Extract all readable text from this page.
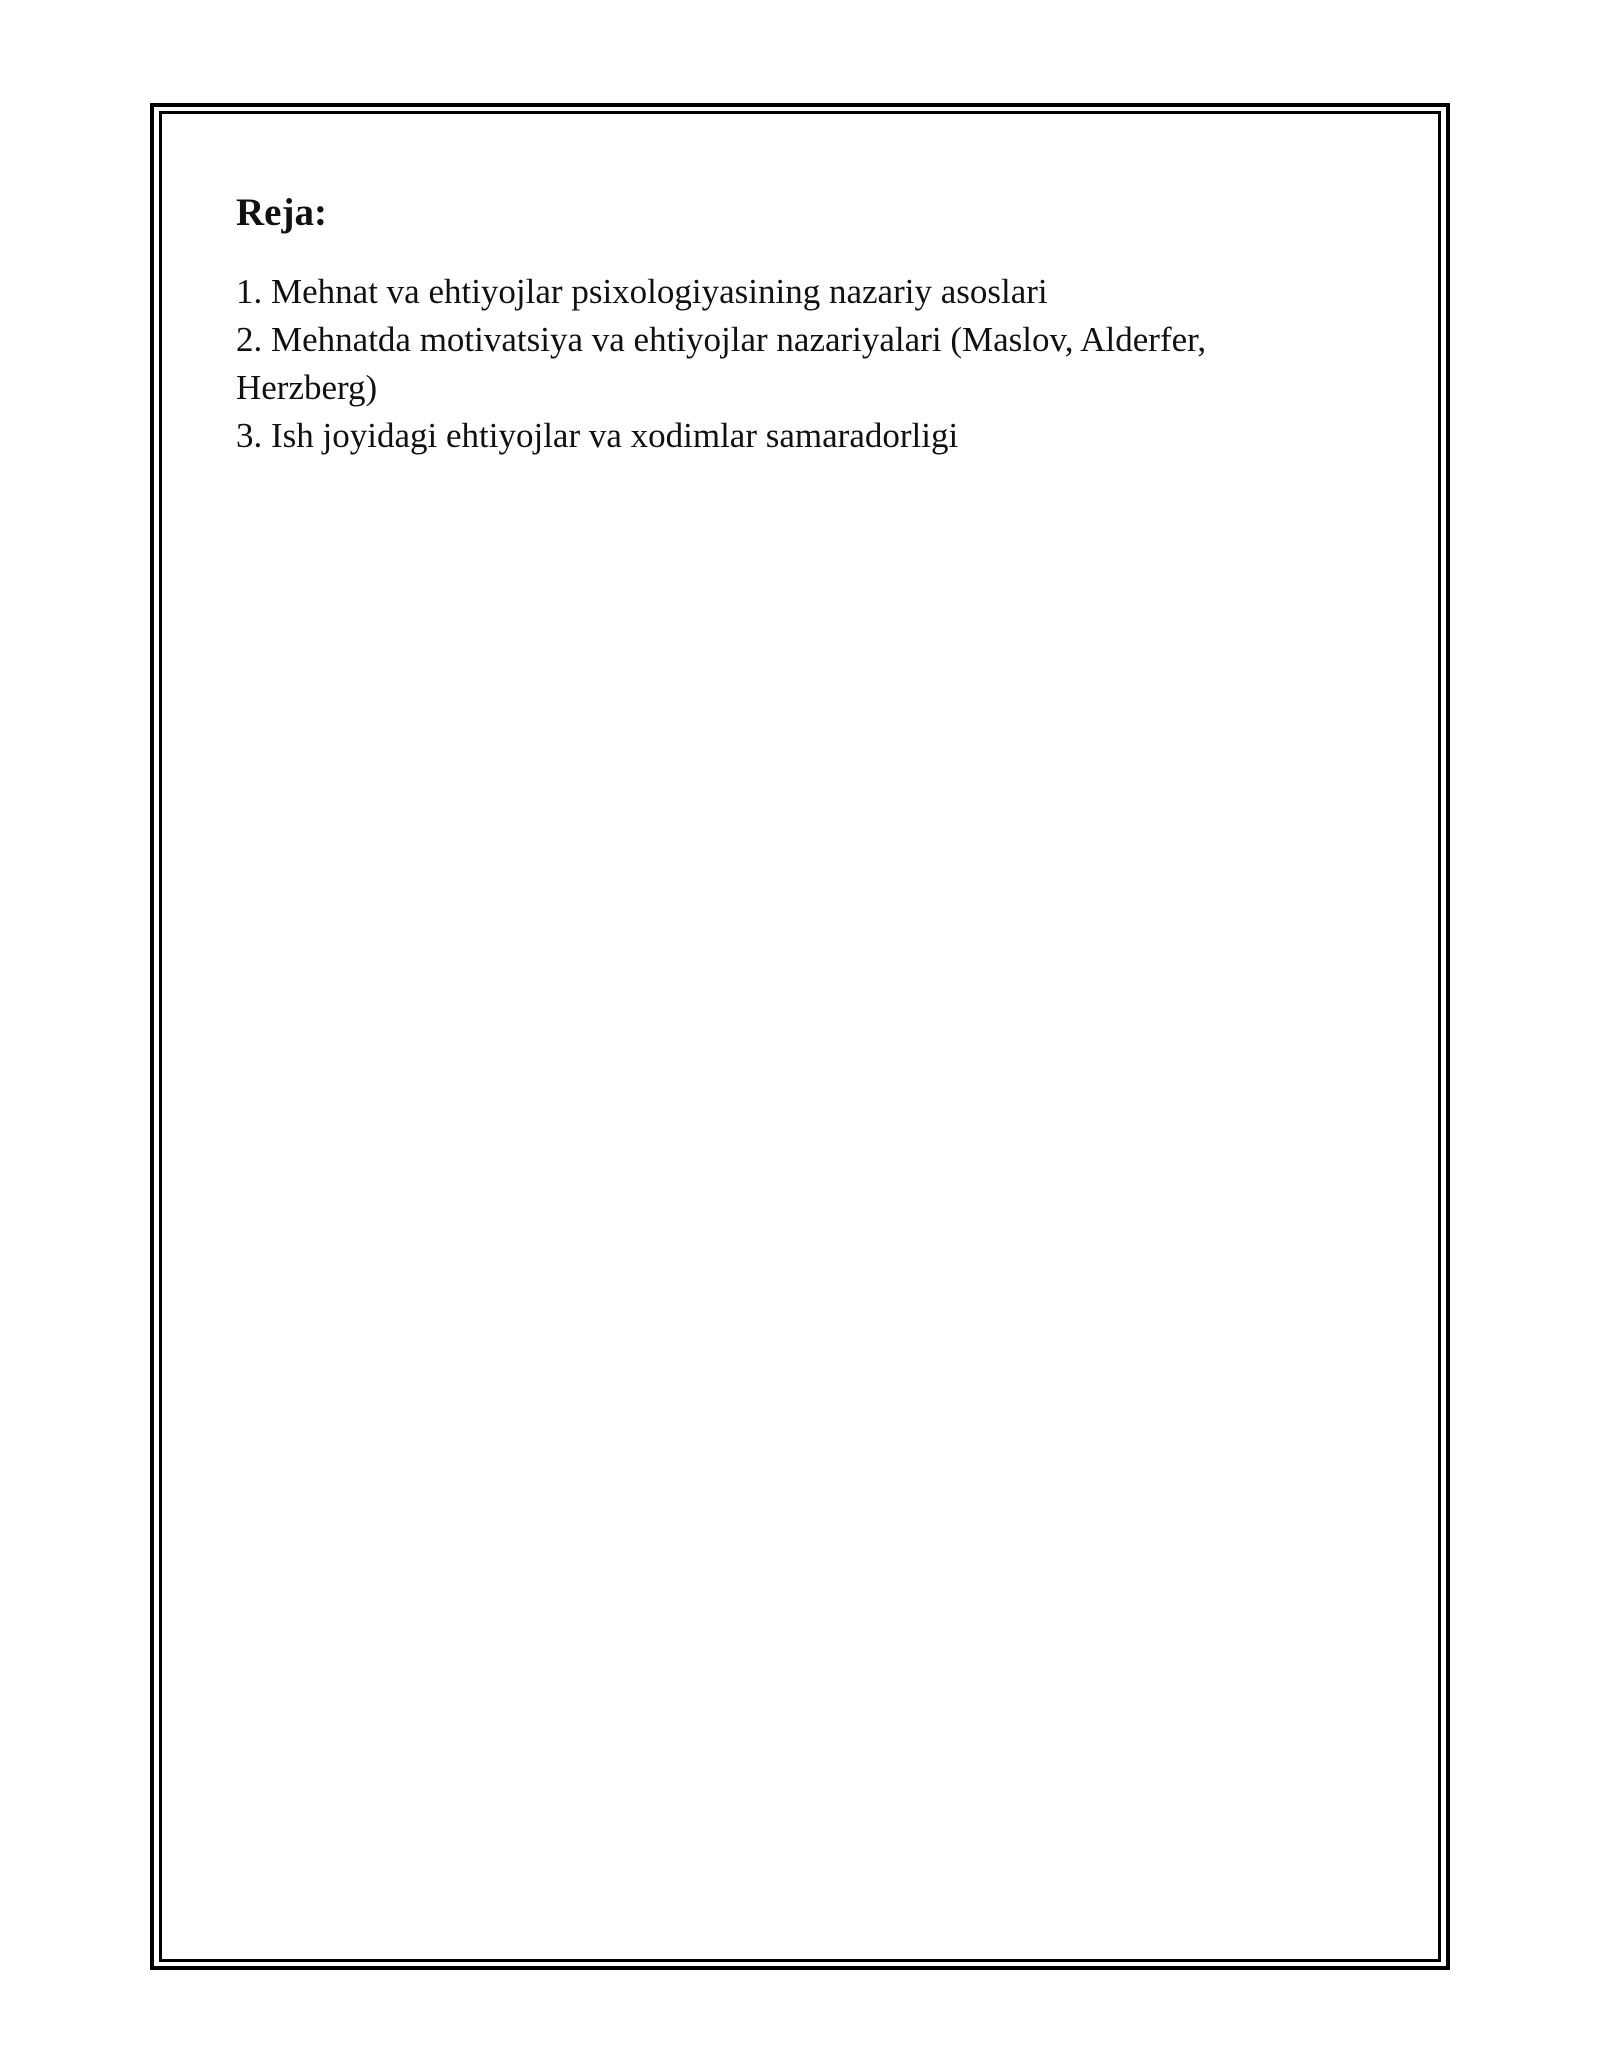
Reja:
1. Mehnat va ehtiyojlar psixologiyasining nazariy asoslari
2. Mehnatda motivatsiya va ehtiyojlar nazariyalari (Maslov, Alderfer, Herzberg)
3. Ish joyidagi ehtiyojlar va xodimlar samaradorligi
